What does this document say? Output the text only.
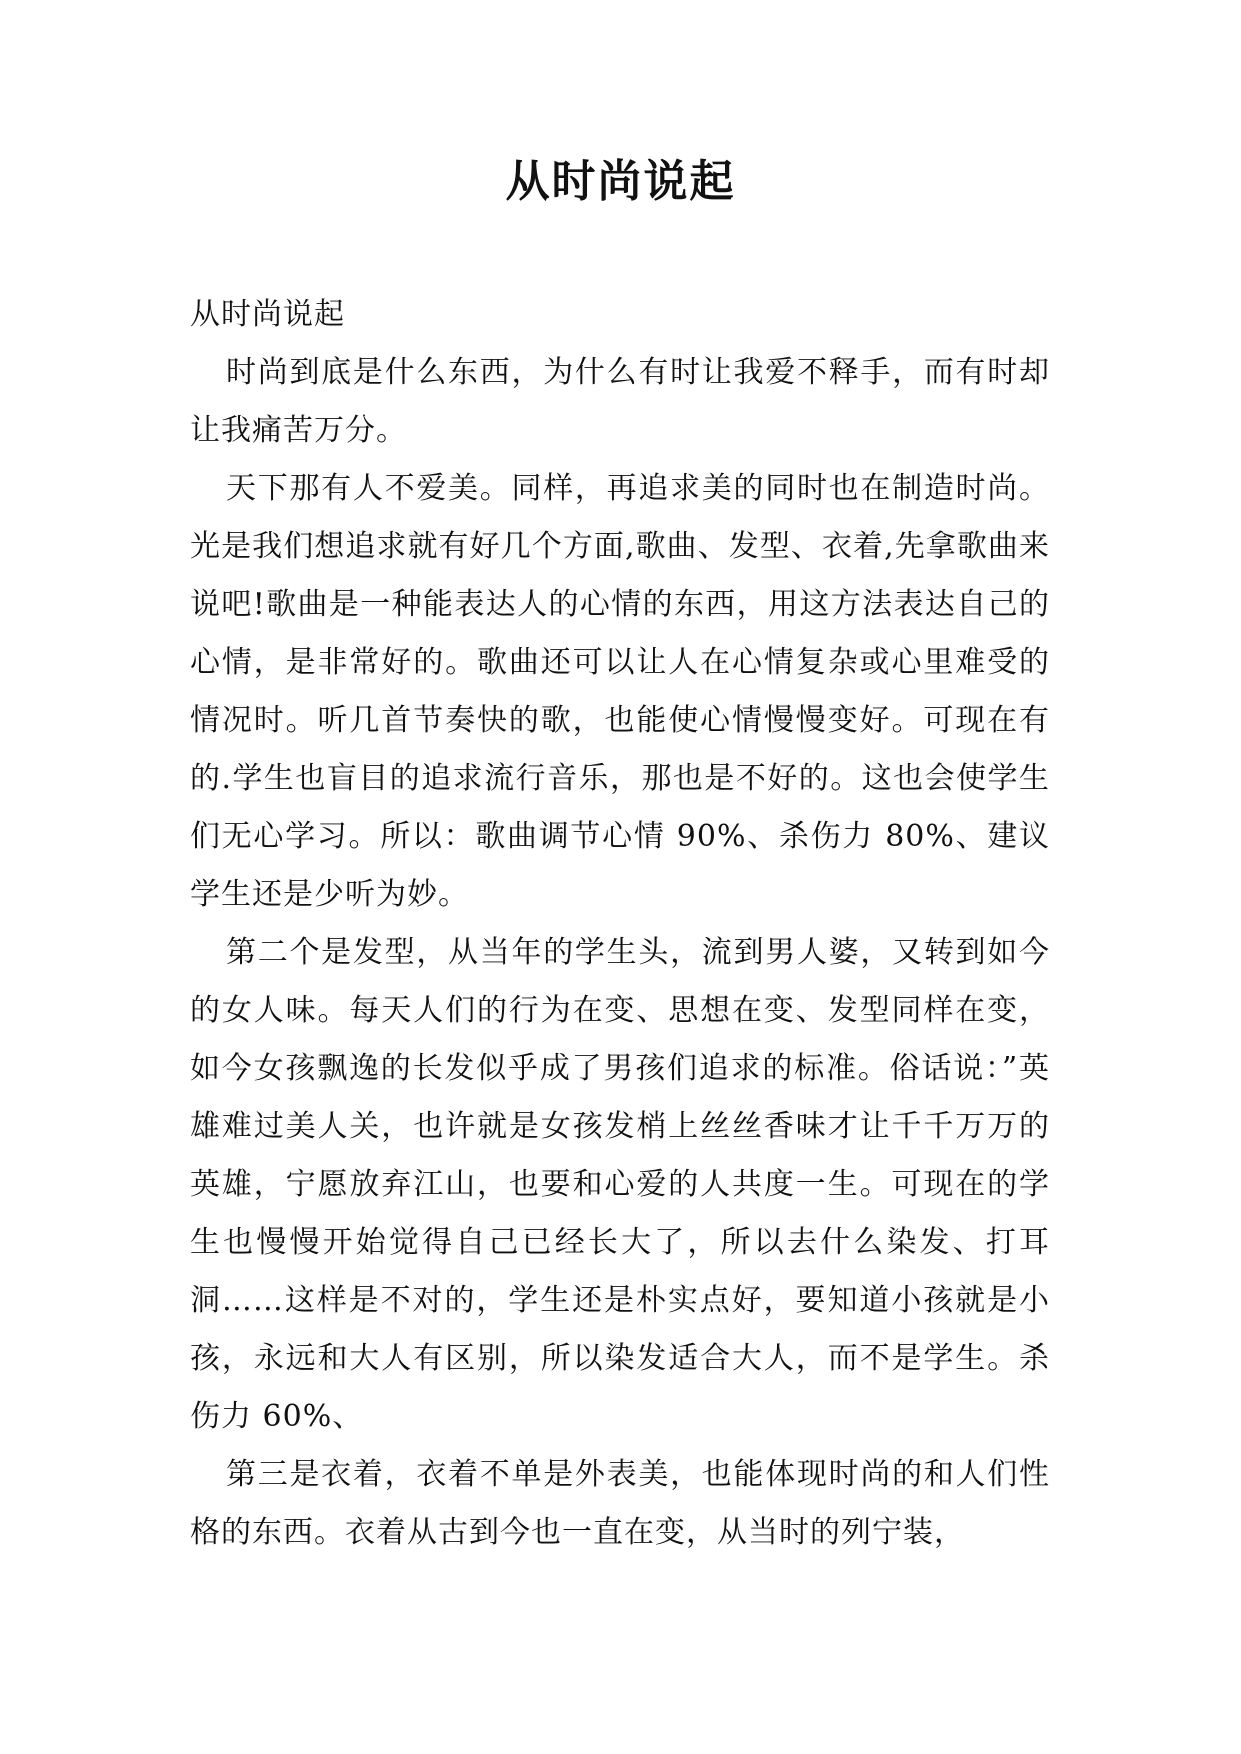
从时尚说起

从时尚说起

时尚到底是什么东西，为什么有时让我爱不释手，而有时却让我痛苦万分。

天下那有人不爱美。同样，再追求美的同时也在制造时尚。光是我们想追求就有好几个方面,歌曲、发型、衣着,先拿歌曲来说吧!歌曲是一种能表达人的心情的东西，用这方法表达自己的心情，是非常好的。歌曲还可以让人在心情复杂或心里难受的情况时。听几首节奏快的歌，也能使心情慢慢变好。可现在有的.学生也盲目的追求流行音乐，那也是不好的。这也会使学生们无心学习。所以：歌曲调节心情 90%、杀伤力 80%、建议学生还是少听为妙。

第二个是发型，从当年的学生头，流到男人婆，又转到如今的女人味。每天人们的行为在变、思想在变、发型同样在变，如今女孩飘逸的长发似乎成了男孩们追求的标准。俗话说：”英雄难过美人关，也许就是女孩发梢上丝丝香味才让千千万万的英雄，宁愿放弃江山，也要和心爱的人共度一生。可现在的学生也慢慢开始觉得自己已经长大了，所以去什么染发、打耳洞……这样是不对的，学生还是朴实点好，要知道小孩就是小孩，永远和大人有区别，所以染发适合大人，而不是学生。杀伤力 60%、

第三是衣着，衣着不单是外表美，也能体现时尚的和人们性格的东西。衣着从古到今也一直在变，从当时的列宁装，
